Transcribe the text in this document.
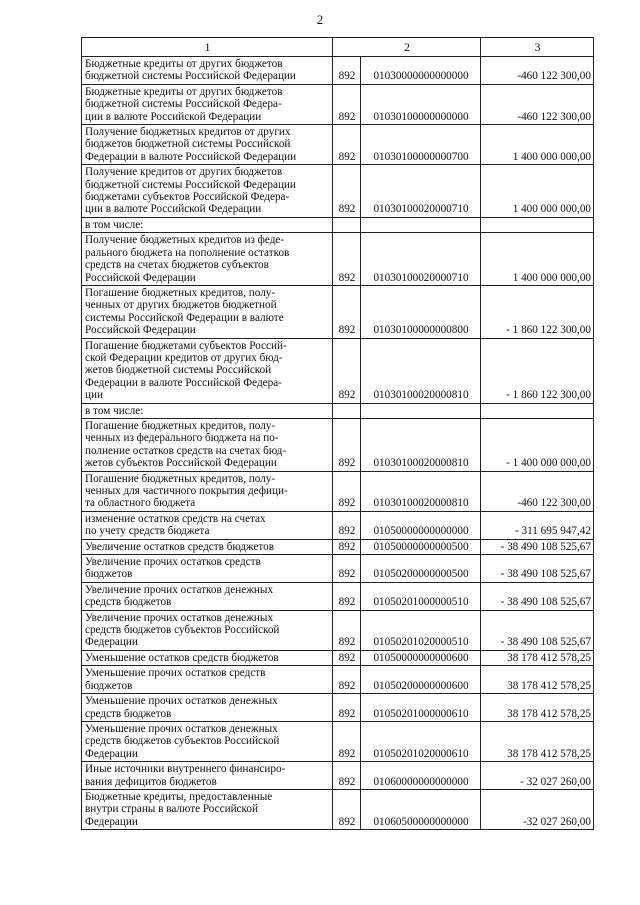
2
1	2		3

Бюджетные кредиты от других бюджетов
бюджетной системы Российской Федерации	892	01030000000000000	-460 122 300,00

Бюджетные кредиты от других бюджетов
бюджетной системы Российской Федера-
ции в валюте Российской Федерации	892	01030100000000000	-460 122 300,00

Получение бюджетных кредитов от других
бюджетов бюджетной системы Российской
Федерации в валюте Российской Федерации	892	01030100000000700	1 400 000 000,00

Получение кредитов от других бюджетов
бюджетной системы Российской Федерации
бюджетами субъектов Российской Федера-
ции в валюте Российской Федерации	892	01030100020000710	1 400 000 000,00

в том числе:			

Получение бюджетных кредитов из феде-
рального бюджета на пополнение остатков
средств на счетах бюджетов субъектов
Российской Федерации	892	01030100020000710	1 400 000 000,00

Погашение бюджетных кредитов, полу-
ченных от других бюджетов бюджетной
системы Российской Федерации в валюте
Российской Федерации	892	01030100000000800	- 1 860 122 300,00

Погашение бюджетами субъектов Россий-
ской Федерации кредитов от других бюд-
жетов бюджетной системы Российской
Федерации в валюте Российской Федера-
ции	892	01030100020000810	- 1 860 122 300,00

в том числе:			

Погашение бюджетных кредитов, полу-
ченных из федерального бюджета на по-
полнение остатков средств на счетах бюд-
жетов субъектов Российской Федерации	892	01030100020000810	- 1 400 000 000,00

Погашение бюджетных кредитов, полу-
ченных для частичного покрытия дефици-
та областного бюджета	892	01030100020000810	-460 122 300,00

изменение остатков средств на счетах
по учету средств бюджета	892	01050000000000000	- 311 695 947,42

Увеличение остатков средств бюджетов	892	01050000000000500	- 38 490 108 525,67

Увеличение прочих остатков средств
бюджетов	892	01050200000000500	- 38 490 108 525,67

Увеличение прочих остатков денежных
средств бюджетов	892	01050201000000510	- 38 490 108 525,67

Увеличение прочих остатков денежных
средств бюджетов субъектов Российской
Федерации	892	01050201020000510	- 38 490 108 525,67

Уменьшение остатков средств бюджетов	892	01050000000000600	38 178 412 578,25

Уменьшение прочих остатков средств
бюджетов	892	01050200000000600	38 178 412 578,25

Уменьшение прочих остатков денежных
средств бюджетов	892	01050201000000610	38 178 412 578,25

Уменьшение прочих остатков денежных
средств бюджетов субъектов Российской
Федерации	892	01050201020000610	38 178 412 578,25

Иные источники внутреннего финансиро-
вания дефицитов бюджетов	892	01060000000000000	- 32 027 260,00

Бюджетные кредиты, предоставленные
внутри страны в валюте Российской
Федерации	892	01060500000000000	-32 027 260,00
